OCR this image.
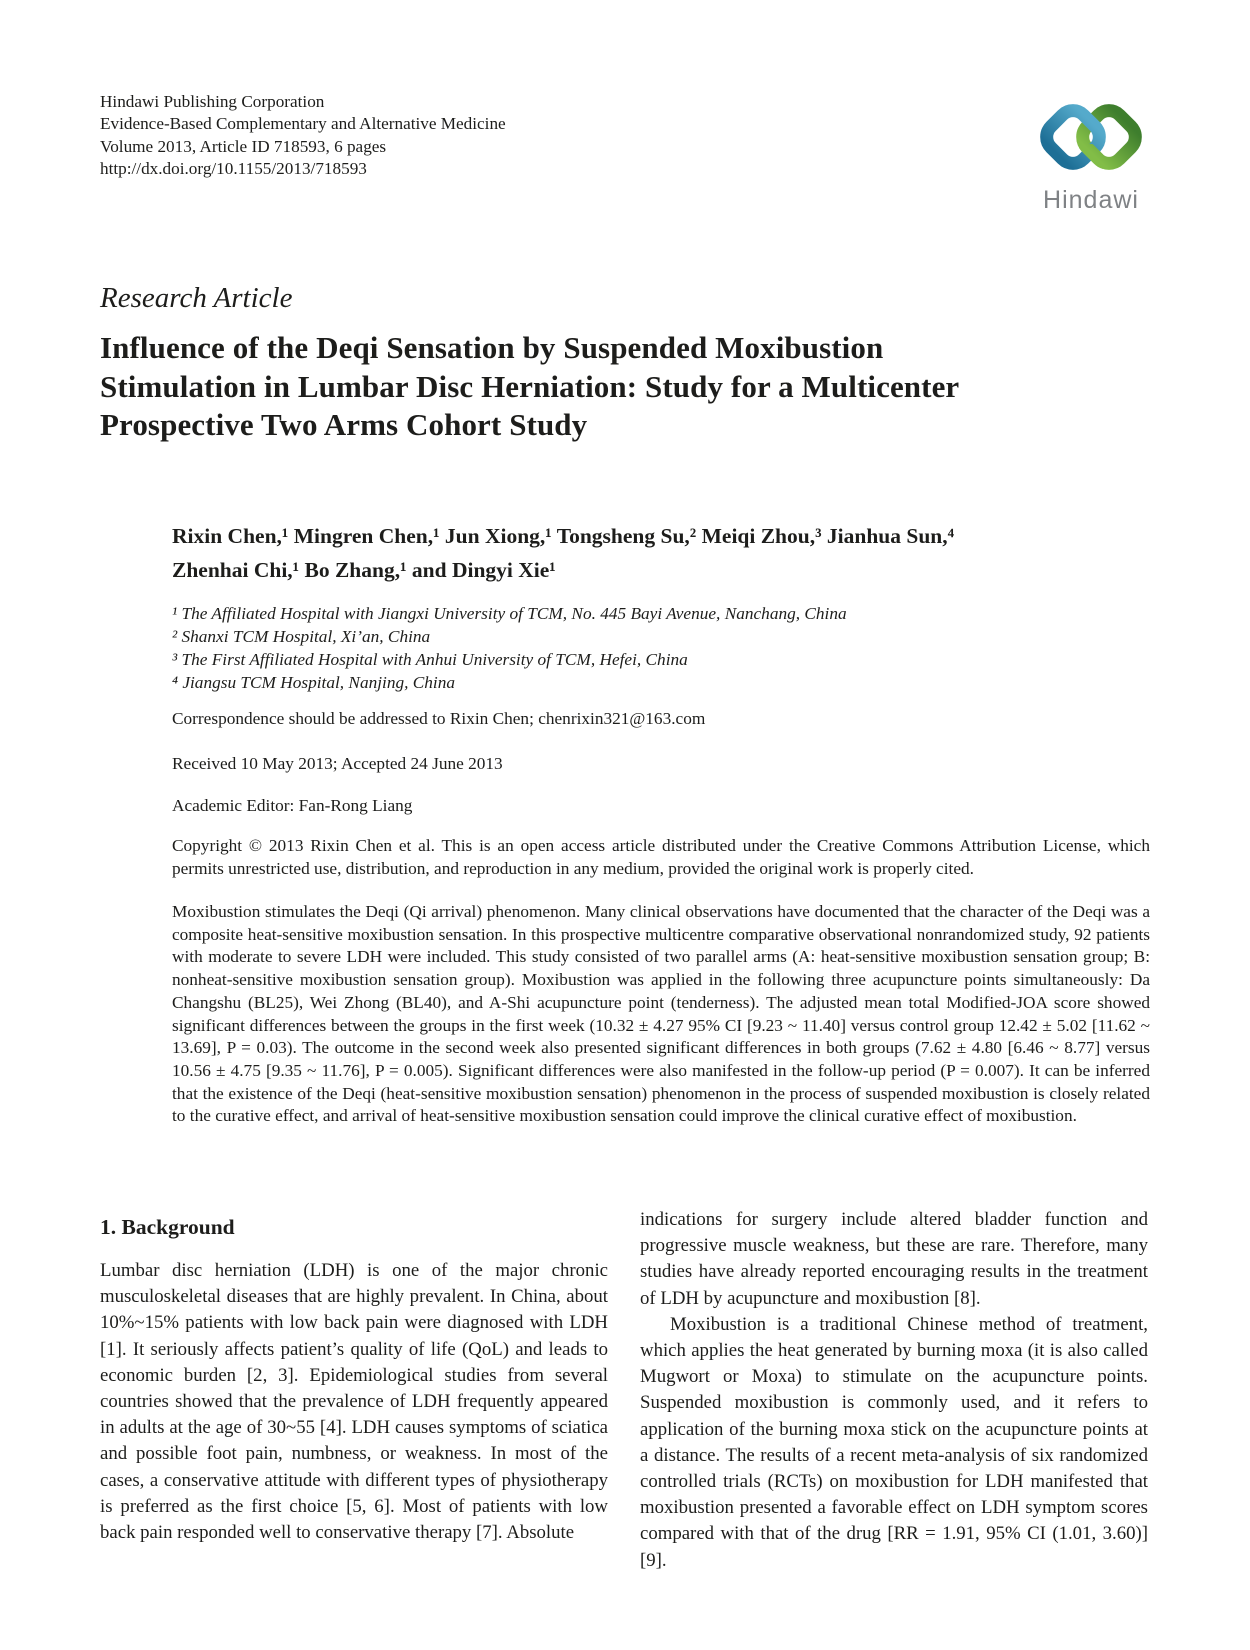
Hindawi Publishing Corporation
Evidence-Based Complementary and Alternative Medicine
Volume 2013, Article ID 718593, 6 pages
http://dx.doi.org/10.1155/2013/718593
Hindawi
Research Article
Influence of the Deqi Sensation by Suspended Moxibustion
Stimulation in Lumbar Disc Herniation: Study for a Multicenter
Prospective Two Arms Cohort Study
Rixin Chen,¹ Mingren Chen,¹ Jun Xiong,¹ Tongsheng Su,² Meiqi Zhou,³ Jianhua Sun,⁴
Zhenhai Chi,¹ Bo Zhang,¹ and Dingyi Xie¹
¹ The Affiliated Hospital with Jiangxi University of TCM, No. 445 Bayi Avenue, Nanchang, China
² Shanxi TCM Hospital, Xi’an, China
³ The First Affiliated Hospital with Anhui University of TCM, Hefei, China
⁴ Jiangsu TCM Hospital, Nanjing, China
Correspondence should be addressed to Rixin Chen; chenrixin321@163.com
Received 10 May 2013; Accepted 24 June 2013
Academic Editor: Fan-Rong Liang
Copyright © 2013 Rixin Chen et al. This is an open access article distributed under the Creative Commons Attribution License, which permits unrestricted use, distribution, and reproduction in any medium, provided the original work is properly cited.
Moxibustion stimulates the Deqi (Qi arrival) phenomenon. Many clinical observations have documented that the character of the Deqi was a composite heat-sensitive moxibustion sensation. In this prospective multicentre comparative observational nonrandomized study, 92 patients with moderate to severe LDH were included. This study consisted of two parallel arms (A: heat-sensitive moxibustion sensation group; B: nonheat-sensitive moxibustion sensation group). Moxibustion was applied in the following three acupuncture points simultaneously: Da Changshu (BL25), Wei Zhong (BL40), and A-Shi acupuncture point (tenderness). The adjusted mean total Modified-JOA score showed significant differences between the groups in the first week (10.32 ± 4.27 95% CI [9.23 ~ 11.40] versus control group 12.42 ± 5.02 [11.62 ~ 13.69], P = 0.03). The outcome in the second week also presented significant differences in both groups (7.62 ± 4.80 [6.46 ~ 8.77] versus 10.56 ± 4.75 [9.35 ~ 11.76], P = 0.005). Significant differences were also manifested in the follow-up period (P = 0.007). It can be inferred that the existence of the Deqi (heat-sensitive moxibustion sensation) phenomenon in the process of suspended moxibustion is closely related to the curative effect, and arrival of heat-sensitive moxibustion sensation could improve the clinical curative effect of moxibustion.
1. Background

Lumbar disc herniation (LDH) is one of the major chronic musculoskeletal diseases that are highly prevalent. In China, about 10%~15% patients with low back pain were diagnosed with LDH [1]. It seriously affects patient’s quality of life (QoL) and leads to economic burden [2, 3]. Epidemiological studies from several countries showed that the prevalence of LDH frequently appeared in adults at the age of 30~55 [4]. LDH causes symptoms of sciatica and possible foot pain, numbness, or weakness. In most of the cases, a conservative attitude with different types of physiotherapy is preferred as the first choice [5, 6]. Most of patients with low back pain responded well to conservative therapy [7]. Absolute

indications for surgery include altered bladder function and progressive muscle weakness, but these are rare. Therefore, many studies have already reported encouraging results in the treatment of LDH by acupuncture and moxibustion [8].

Moxibustion is a traditional Chinese method of treatment, which applies the heat generated by burning moxa (it is also called Mugwort or Moxa) to stimulate on the acupuncture points. Suspended moxibustion is commonly used, and it refers to application of the burning moxa stick on the acupuncture points at a distance. The results of a recent meta-analysis of six randomized controlled trials (RCTs) on moxibustion for LDH manifested that moxibustion presented a favorable effect on LDH symptom scores compared with that of the drug [RR = 1.91, 95% CI (1.01, 3.60)] [9].
